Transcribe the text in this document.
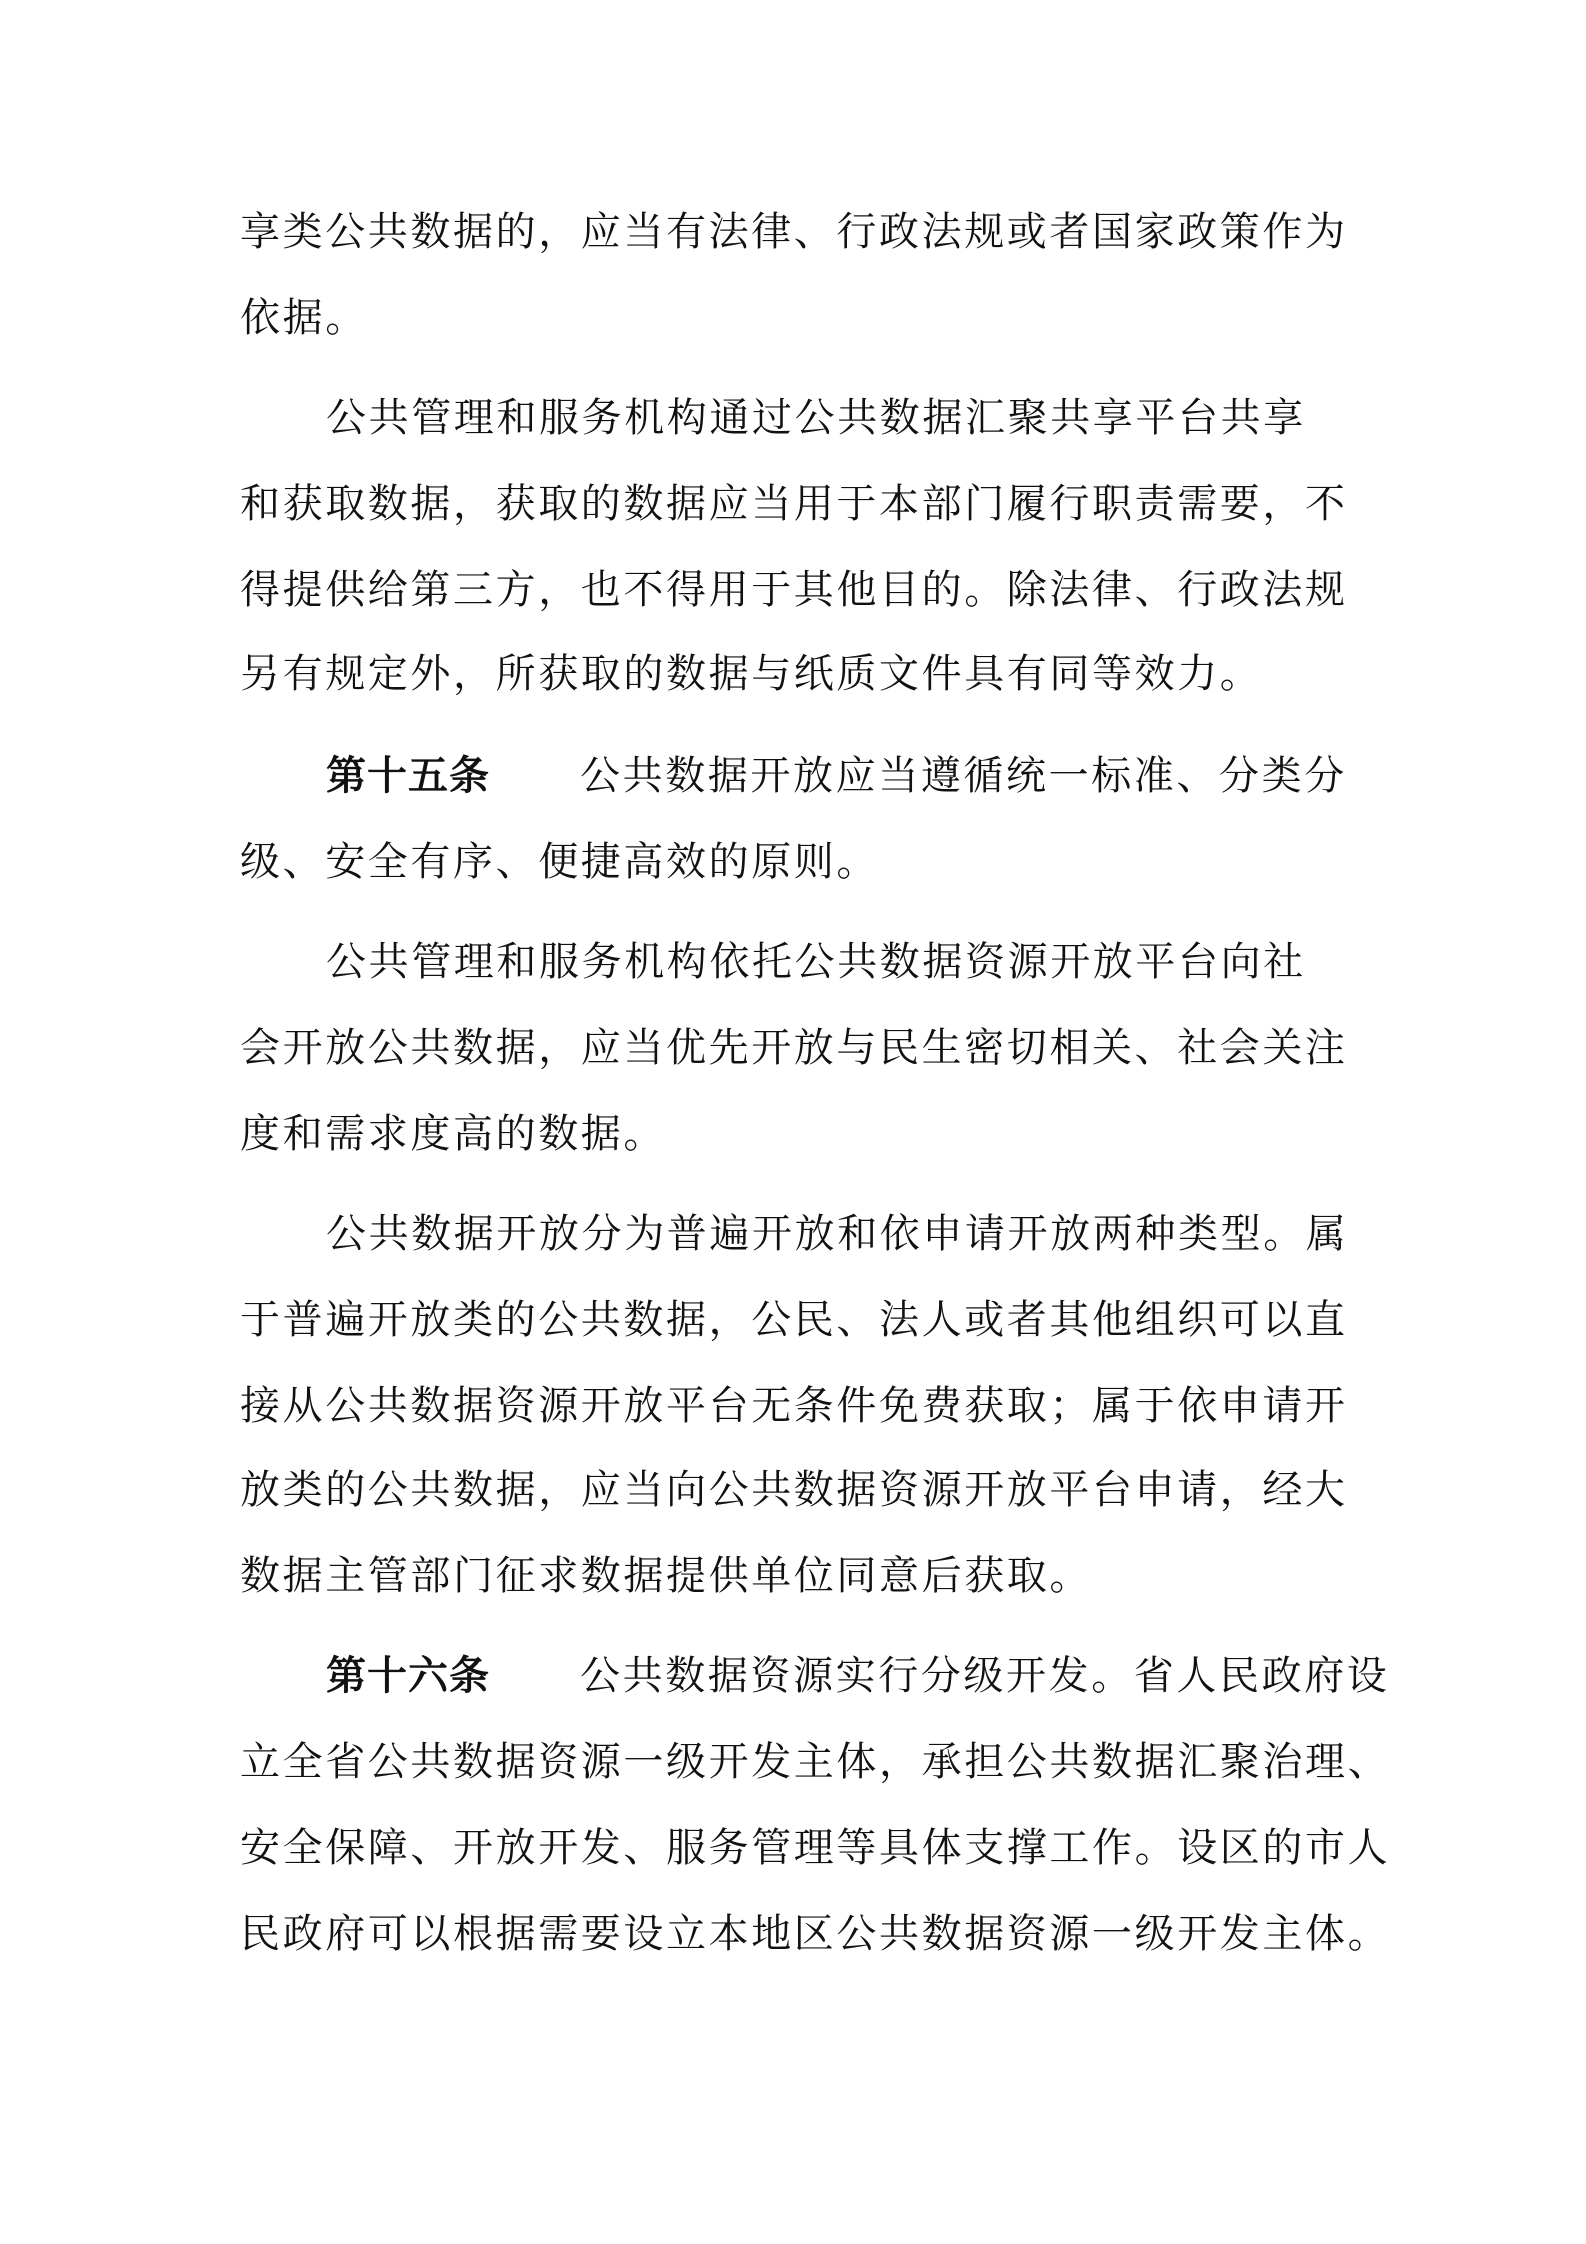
享类公共数据的，应当有法律、行政法规或者国家政策作为
依据。
公共管理和服务机构通过公共数据汇聚共享平台共享
和获取数据，获取的数据应当用于本部门履行职责需要，不
得提供给第三方，也不得用于其他目的。除法律、行政法规
另有规定外，所获取的数据与纸质文件具有同等效力。
第十五条 公共数据开放应当遵循统一标准、分类分
级、安全有序、便捷高效的原则。
公共管理和服务机构依托公共数据资源开放平台向社
会开放公共数据，应当优先开放与民生密切相关、社会关注
度和需求度高的数据。
公共数据开放分为普遍开放和依申请开放两种类型。属
于普遍开放类的公共数据，公民、法人或者其他组织可以直
接从公共数据资源开放平台无条件免费获取；属于依申请开
放类的公共数据，应当向公共数据资源开放平台申请，经大
数据主管部门征求数据提供单位同意后获取。
第十六条 公共数据资源实行分级开发。省人民政府设
立全省公共数据资源一级开发主体，承担公共数据汇聚治理、
安全保障、开放开发、服务管理等具体支撑工作。设区的市人
民政府可以根据需要设立本地区公共数据资源一级开发主体。
